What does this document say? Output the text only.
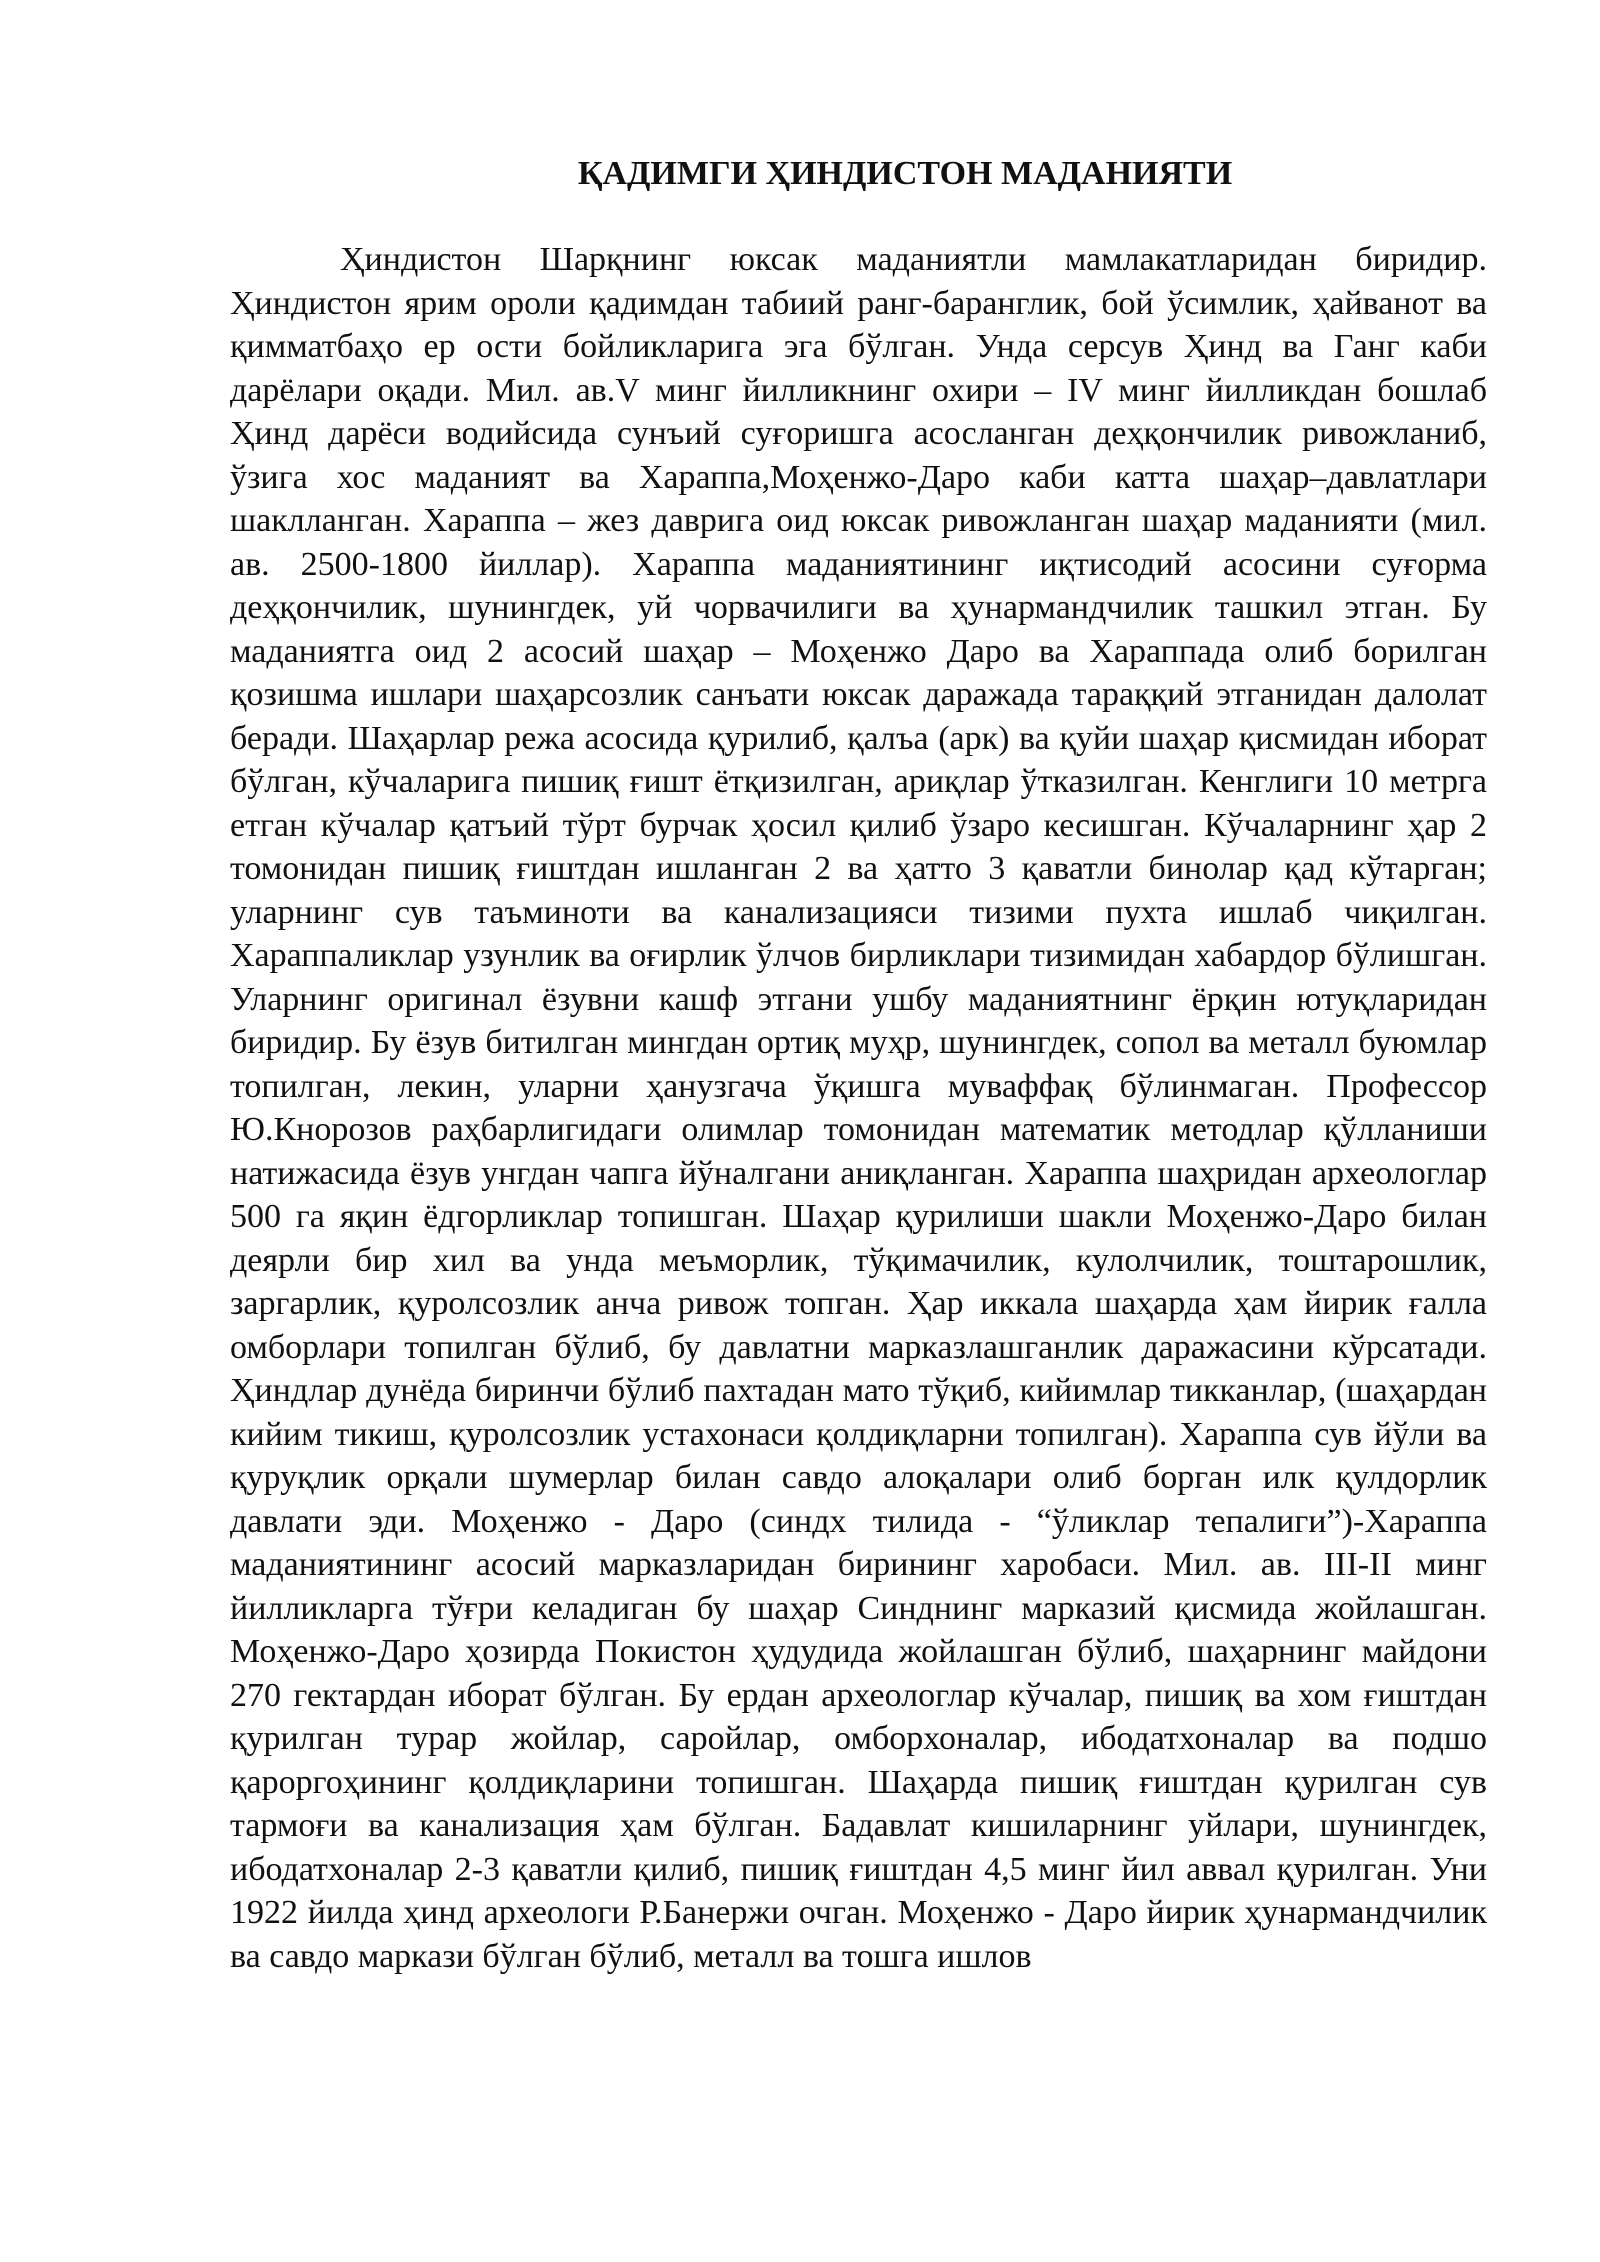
ҚАДИМГИ ҲИНДИСТОН МАДАНИЯТИ

Ҳиндистон Шарқнинг юксак маданиятли мамлакатларидан биридир. Ҳиндистон ярим ороли қадимдан табиий ранг-баранглик, бой ўсимлик, ҳайванот ва қимматбаҳо ер ости бойликларига эга бўлган. Унда серсув Ҳинд ва Ганг каби дарёлари оқади. Мил. ав.V минг йилликнинг охири – IV минг йилликдан бошлаб Ҳинд дарёси водийсида сунъий суғоришга асосланган деҳқончилик ривожланиб, ўзига хос маданият ва Хараппа,Моҳенжо-Даро каби катта шаҳар–давлатлари шаклланган. Хараппа – жез даврига оид юксак ривожланган шаҳар маданияти (мил. ав. 2500-1800 йиллар). Хараппа маданиятининг иқтисодий асосини суғорма деҳқончилик, шунингдек, уй чорвачилиги ва ҳунармандчилик ташкил этган. Бу маданиятга оид 2 асосий шаҳар – Моҳенжо Даро ва Хараппада олиб борилган қозишма ишлари шаҳарсозлик санъати юксак даражада тараққий этганидан далолат беради. Шаҳарлар режа асосида қурилиб, қалъа (арк) ва қуйи шаҳар қисмидан иборат бўлган, кўчаларига пишиқ ғишт ётқизилган, ариқлар ўтказилган. Кенглиги 10 метрга етган кўчалар қатъий тўрт бурчак ҳосил қилиб ўзаро кесишган. Кўчаларнинг ҳар 2 томонидан пишиқ ғиштдан ишланган 2 ва ҳатто 3 қаватли бинолар қад кўтарган; уларнинг сув таъминоти ва канализацияси тизими пухта ишлаб чиқилган. Хараппаликлар узунлик ва оғирлик ўлчов бирликлари тизимидан хабардор бўлишган. Уларнинг оригинал ёзувни кашф этгани ушбу маданиятнинг ёрқин ютуқларидан биридир. Бу ёзув битилган мингдан ортиқ муҳр, шунингдек, сопол ва металл буюмлар топилган, лекин, уларни ҳанузгача ўқишга муваффақ бўлинмаган. Профессор Ю.Кнорозов раҳбарлигидаги олимлар томонидан математик методлар қўлланиши натижасида ёзув унгдан чапга йўналгани аниқланган. Хараппа шаҳридан археологлар 500 га яқин ёдгорликлар топишган. Шаҳар қурилиши шакли Моҳенжо-Даро билан деярли бир хил ва унда меъморлик, тўқимачилик, кулолчилик, тоштарошлик, заргарлик, қуролсозлик анча ривож топган. Ҳар иккала шаҳарда ҳам йирик ғалла омборлари топилган бўлиб, бу давлатни марказлашганлик даражасини кўрсатади. Ҳиндлар дунёда биринчи бўлиб пахтадан мато тўқиб, кийимлар тикканлар, (шаҳардан кийим тикиш, қуролсозлик устахонаси қолдиқларни топилган). Хараппа сув йўли ва қуруқлик орқали шумерлар билан савдо алоқалари олиб борган илк қулдорлик давлати эди. Моҳенжо - Даро (синдх тилида - “ўликлар тепалиги”)-Хараппа маданиятининг асосий марказларидан бирининг харобаси. Мил. ав. III-II минг йилликларга тўғри келадиган бу шаҳар Синднинг марказий қисмида жойлашган. Моҳенжо-Даро ҳозирда Покистон ҳудудида жойлашган бўлиб, шаҳарнинг майдони 270 гектардан иборат бўлган. Бу ердан археологлар кўчалар, пишиқ ва хом ғиштдан қурилган турар жойлар, саройлар, омборхоналар, ибодатхоналар ва подшо қароргоҳининг қолдиқларини топишган. Шаҳарда пишиқ ғиштдан қурилган сув тармоғи ва канализация ҳам бўлган. Бадавлат кишиларнинг уйлари, шунингдек, ибодатхоналар 2-3 қаватли қилиб, пишиқ ғиштдан 4,5 минг йил аввал қурилган. Уни 1922 йилда ҳинд археологи Р.Банержи очган. Моҳенжо - Даро йирик ҳунармандчилик ва савдо маркази бўлган бўлиб, металл ва тошга ишлов
